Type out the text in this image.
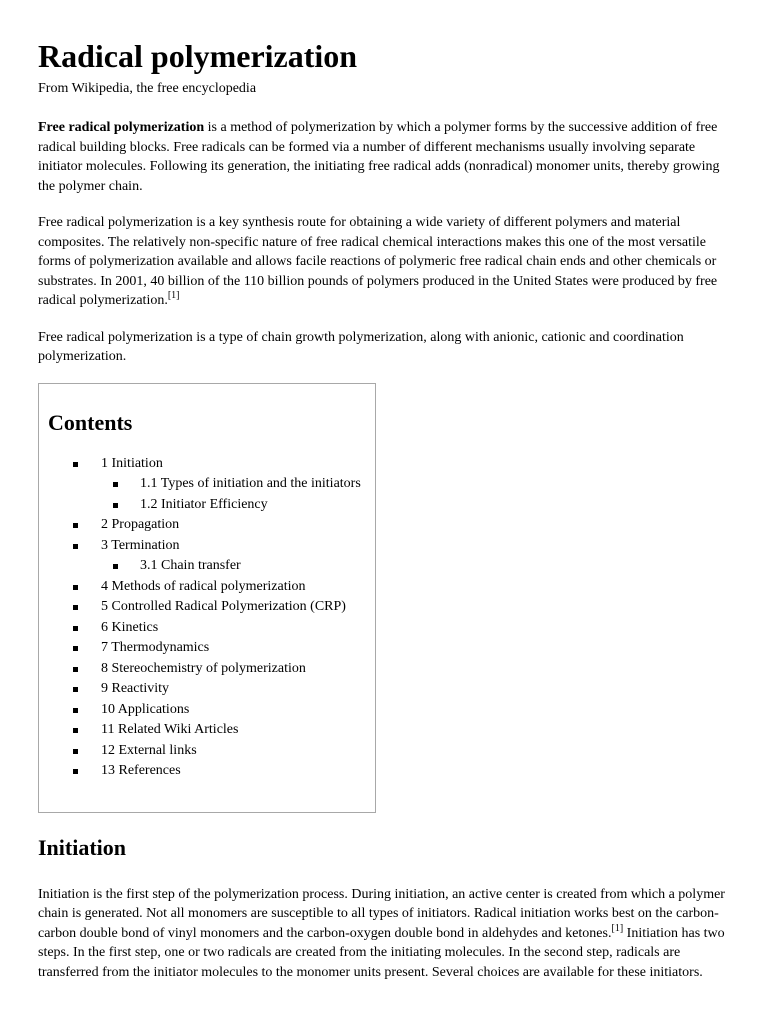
Radical polymerization
From Wikipedia, the free encyclopedia

Free radical polymerization is a method of polymerization by which a polymer forms by the successive addition of free radical building blocks. Free radicals can be formed via a number of different mechanisms usually involving separate initiator molecules. Following its generation, the initiating free radical adds (nonradical) monomer units, thereby growing the polymer chain.

Free radical polymerization is a key synthesis route for obtaining a wide variety of different polymers and material composites. The relatively non-specific nature of free radical chemical interactions makes this one of the most versatile forms of polymerization available and allows facile reactions of polymeric free radical chain ends and other chemicals or substrates. In 2001, 40 billion of the 110 billion pounds of polymers produced in the United States were produced by free radical polymerization.[1]

Free radical polymerization is a type of chain growth polymerization, along with anionic, cationic and coordination polymerization.

Contents
1 Initiation
1.1 Types of initiation and the initiators
1.2 Initiator Efficiency
2 Propagation
3 Termination
3.1 Chain transfer
4 Methods of radical polymerization
5 Controlled Radical Polymerization (CRP)
6 Kinetics
7 Thermodynamics
8 Stereochemistry of polymerization
9 Reactivity
10 Applications
11 Related Wiki Articles
12 External links
13 References
Initiation

Initiation is the first step of the polymerization process. During initiation, an active center is created from which a polymer chain is generated. Not all monomers are susceptible to all types of initiators. Radical initiation works best on the carbon-carbon double bond of vinyl monomers and the carbon-oxygen double bond in aldehydes and ketones.[1] Initiation has two steps. In the first step, one or two radicals are created from the initiating molecules. In the second step, radicals are transferred from the initiator molecules to the monomer units present. Several choices are available for these initiators.
